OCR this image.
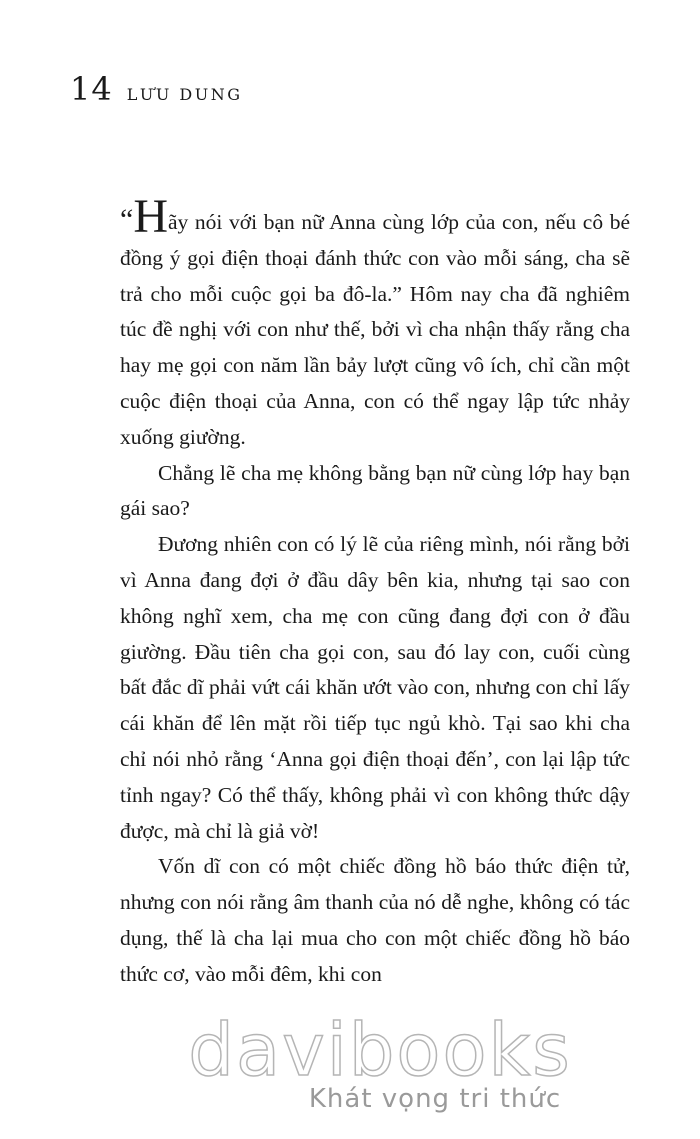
14 LƯU DUNG

“Hãy nói với bạn nữ Anna cùng lớp của con, nếu cô bé đồng ý gọi điện thoại đánh thức con vào mỗi sáng, cha sẽ trả cho mỗi cuộc gọi ba đô-la.” Hôm nay cha đã nghiêm túc đề nghị với con như thế, bởi vì cha nhận thấy rằng cha hay mẹ gọi con năm lần bảy lượt cũng vô ích, chỉ cần một cuộc điện thoại của Anna, con có thể ngay lập tức nhảy xuống giường.

Chẳng lẽ cha mẹ không bằng bạn nữ cùng lớp hay bạn gái sao?

Đương nhiên con có lý lẽ của riêng mình, nói rằng bởi vì Anna đang đợi ở đầu dây bên kia, nhưng tại sao con không nghĩ xem, cha mẹ con cũng đang đợi con ở đầu giường. Đầu tiên cha gọi con, sau đó lay con, cuối cùng bất đắc dĩ phải vứt cái khăn ướt vào con, nhưng con chỉ lấy cái khăn để lên mặt rồi tiếp tục ngủ khò. Tại sao khi cha chỉ nói nhỏ rằng ‘Anna gọi điện thoại đến’, con lại lập tức tỉnh ngay? Có thể thấy, không phải vì con không thức dậy được, mà chỉ là giả vờ!

Vốn dĩ con có một chiếc đồng hồ báo thức điện tử, nhưng con nói rằng âm thanh của nó dễ nghe, không có tác dụng, thế là cha lại mua cho con một chiếc đồng hồ báo thức cơ, vào mỗi đêm, khi con

davibooks
Khát vọng tri thức
